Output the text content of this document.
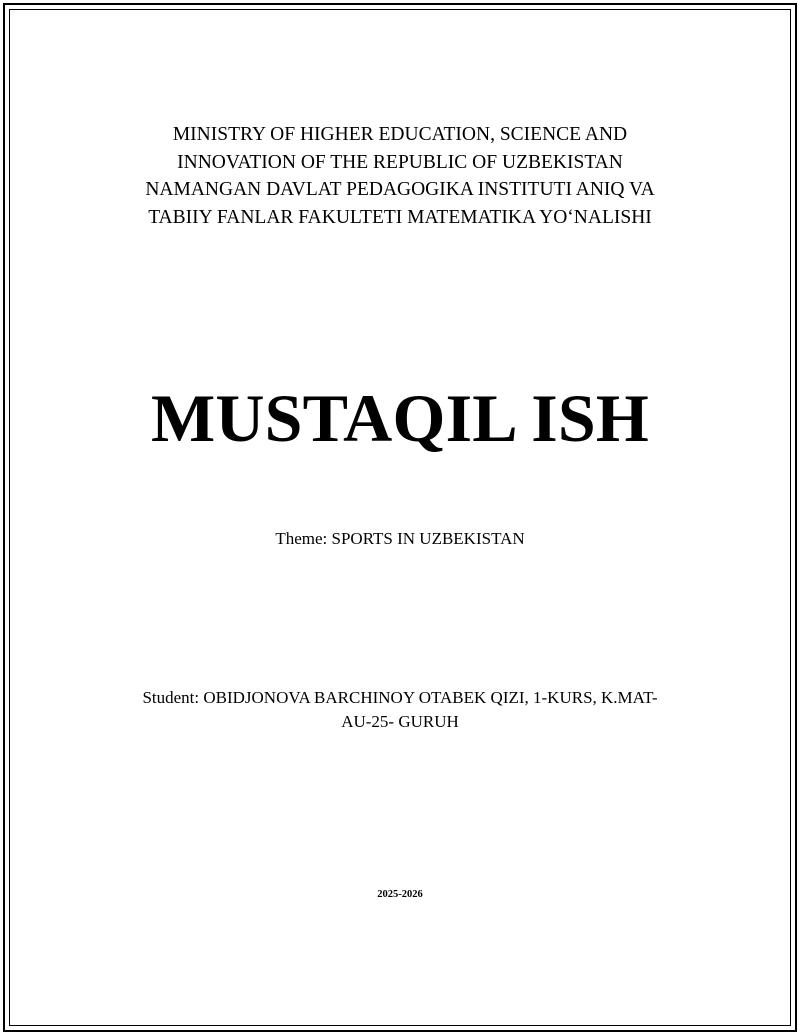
MINISTRY OF HIGHER EDUCATION, SCIENCE AND
INNOVATION OF THE REPUBLIC OF UZBEKISTAN
NAMANGAN DAVLAT PEDAGOGIKA INSTITUTI ANIQ VA
TABIIY FANLAR FAKULTETI MATEMATIKA YO‘NALISHI
MUSTAQIL ISH
Theme: SPORTS IN UZBEKISTAN
Student: OBIDJONOVA BARCHINOY OTABEK QIZI, 1-KURS, K.MAT-
AU-25- GURUH
2025-2026
